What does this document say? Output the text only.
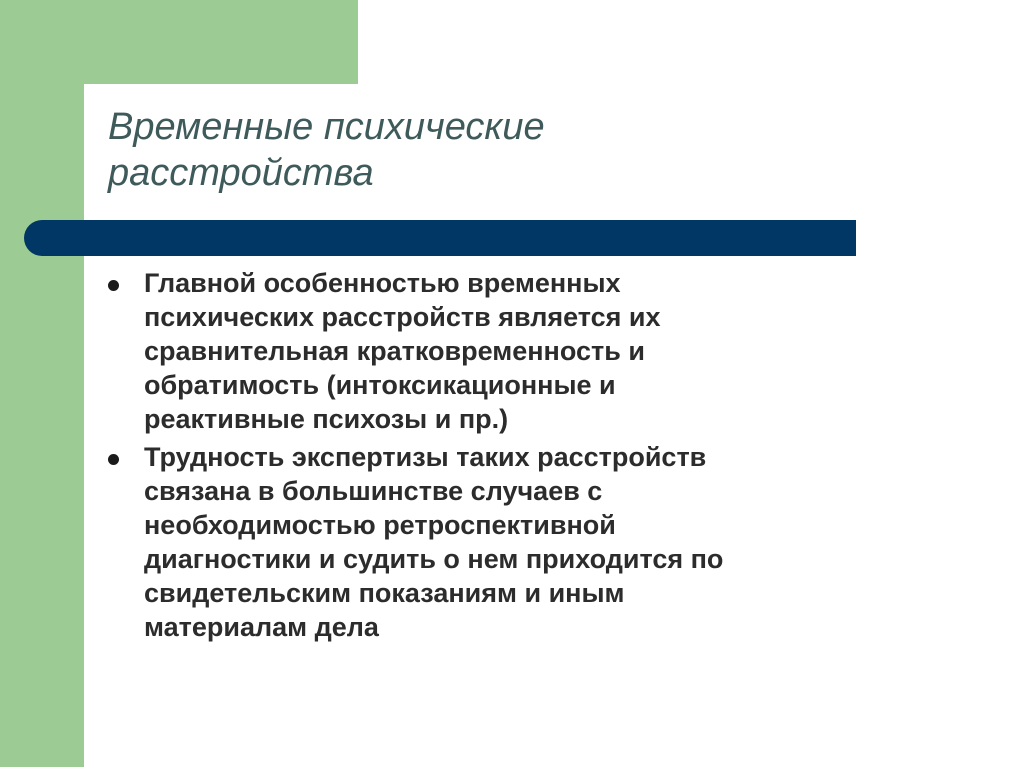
Временные психические
расстройства
Главной особенностью временных
психических расстройств является их
сравнительная кратковременность и
обратимость (интоксикационные и
реактивные психозы и пр.)
Трудность экспертизы таких расстройств
связана в большинстве случаев с
необходимостью ретроспективной
диагностики и судить о нем приходится по
свидетельским показаниям и иным
материалам дела
